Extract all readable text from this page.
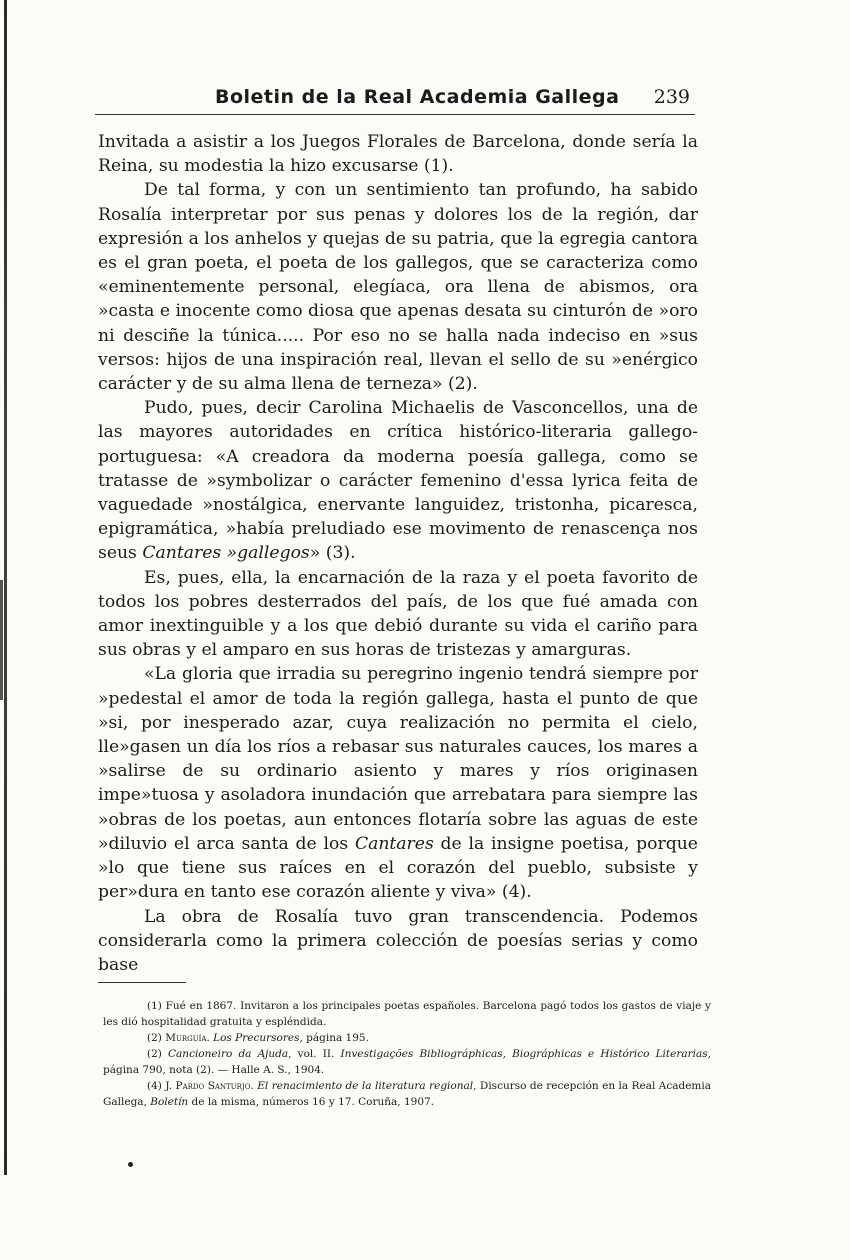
Boletin de la Real Academia Gallega 239

Invitada a asistir a los Juegos Florales de Barcelona, donde sería la Reina, su modestia la hizo excusarse (1).

De tal forma, y con un sentimiento tan profundo, ha sabido Rosalía interpretar por sus penas y dolores los de la región, dar expresión a los anhelos y quejas de su patria, que la egregia cantora es el gran poeta, el poeta de los gallegos, que se caracteriza como «eminentemente personal, elegíaca, ora llena de abismos, ora »casta e inocente como diosa que apenas desata su cinturón de »oro ni desciñe la túnica..... Por eso no se halla nada indeciso en »sus versos: hijos de una inspiración real, llevan el sello de su »enérgico carácter y de su alma llena de terneza» (2).

Pudo, pues, decir Carolina Michaelis de Vasconcellos, una de las mayores autoridades en crítica histórico-literaria gallego-portuguesa: «A creadora da moderna poesía gallega, como se tratasse de »symbolizar o carácter femenino d'essa lyrica feita de vaguedade »nostálgica, enervante languidez, tristonha, picaresca, epigramática, »había preludiado ese movimento de renascença nos seus Cantares »gallegos» (3).

Es, pues, ella, la encarnación de la raza y el poeta favorito de todos los pobres desterrados del país, de los que fué amada con amor inextinguible y a los que debió durante su vida el cariño para sus obras y el amparo en sus horas de tristezas y amarguras.

«La gloria que irradia su peregrino ingenio tendrá siempre por »pedestal el amor de toda la región gallega, hasta el punto de que »si, por inesperado azar, cuya realización no permita el cielo, lle»gasen un día los ríos a rebasar sus naturales cauces, los mares a »salirse de su ordinario asiento y mares y ríos originasen impe»tuosa y asoladora inundación que arrebatara para siempre las »obras de los poetas, aun entonces flotaría sobre las aguas de este »diluvio el arca santa de los Cantares de la insigne poetisa, porque »lo que tiene sus raíces en el corazón del pueblo, subsiste y per»dura en tanto ese corazón aliente y viva» (4).

La obra de Rosalía tuvo gran transcendencia. Podemos considerarla como la primera colección de poesías serias y como base

(1) Fué en 1867. Invitaron a los principales poetas españoles. Barcelona pagó todos los gastos de viaje y les dió hospitalidad gratuita y espléndida.

(2) Murguía. Los Precursores, página 195.

(2) Cancioneiro da Ajuda, vol. II. Investigações Bibliográphicas, Biográphicas e Histórico Literarias, página 790, nota (2). — Halle A. S., 1904.

(4) J. Pardo Santurjo. El renacimiento de la literatura regional, Discurso de recepción en la Real Academia Gallega, Boletín de la misma, números 16 y 17. Coruña, 1907.
